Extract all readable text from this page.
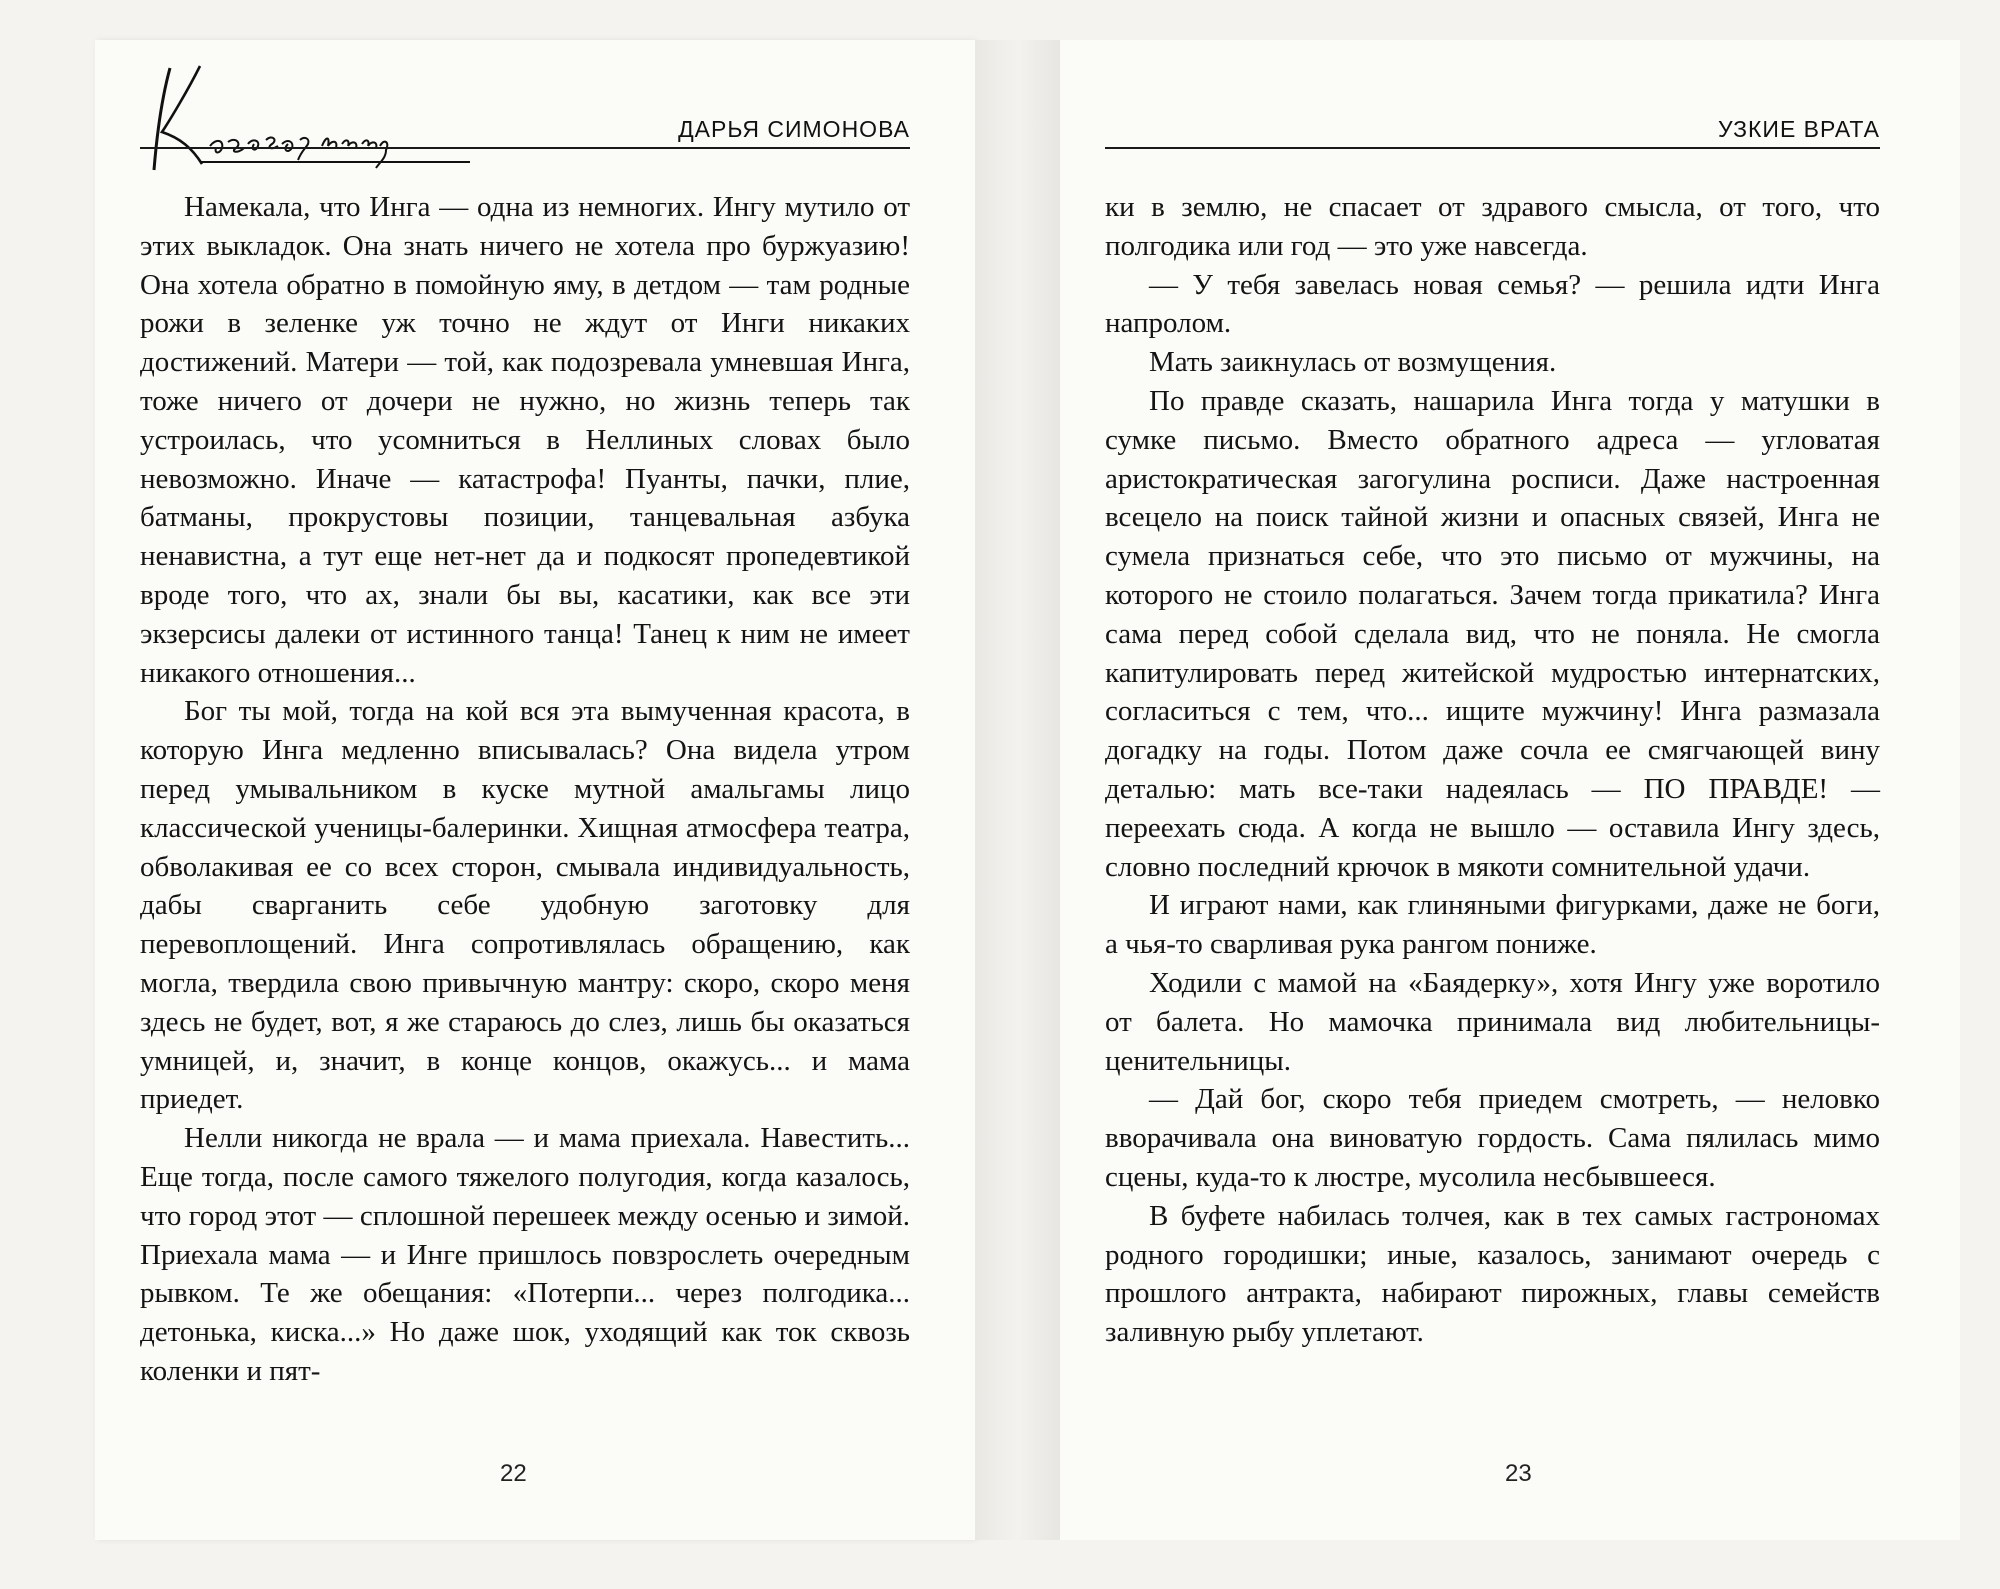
ДАРЬЯ СИМОНОВА

Намекала, что Инга — одна из немногих. Ингу мутило от этих выкладок. Она знать ничего не хотела про буржуазию! Она хотела обратно в помойную яму, в детдом — там родные рожи в зеленке уж точно не ждут от Инги никаких достижений. Матери — той, как подозревала умневшая Инга, тоже ничего от дочери не нужно, но жизнь теперь так устроилась, что усомниться в Неллиных словах было невозможно. Иначе — катастрофа! Пуанты, пачки, плие, батманы, прокрустовы позиции, танцевальная азбука ненавистна, а тут еще нет-нет да и подкосят пропедевтикой вроде того, что ах, знали бы вы, касатики, как все эти экзерсисы далеки от истинного танца! Танец к ним не имеет никакого отношения...

Бог ты мой, тогда на кой вся эта вымученная красота, в которую Инга медленно вписывалась? Она видела утром перед умывальником в куске мутной амальгамы лицо классической ученицы-балеринки. Хищная атмосфера театра, обволакивая ее со всех сторон, смывала индивидуальность, дабы сварганить себе удобную заготовку для перевоплощений. Инга сопротивлялась обращению, как могла, твердила свою привычную мантру: скоро, скоро меня здесь не будет, вот, я же стараюсь до слез, лишь бы оказаться умницей, и, значит, в конце концов, окажусь... и мама приедет.

Нелли никогда не врала — и мама приехала. Навестить... Еще тогда, после самого тяжелого полугодия, когда казалось, что город этот — сплошной перешеек между осенью и зимой. Приехала мама — и Инге пришлось повзрослеть очередным рывком. Те же обещания: «Потерпи... через полгодика... детонька, киска...» Но даже шок, уходящий как ток сквозь коленки и пят-

22
УЗКИЕ ВРАТА

ки в землю, не спасает от здравого смысла, от того, что полгодика или год — это уже навсегда.

— У тебя завелась новая семья? — решила идти Инга напролом.

Мать заикнулась от возмущения.

По правде сказать, нашарила Инга тогда у матушки в сумке письмо. Вместо обратного адреса — угловатая аристократическая загогулина росписи. Даже настроенная всецело на поиск тайной жизни и опасных связей, Инга не сумела признаться себе, что это письмо от мужчины, на которого не стоило полагаться. Зачем тогда прикатила? Инга сама перед собой сделала вид, что не поняла. Не смогла капитулировать перед житейской мудростью интернатских, согласиться с тем, что... ищите мужчину! Инга размазала догадку на годы. Потом даже сочла ее смягчающей вину деталью: мать все-таки надеялась — ПО ПРАВДЕ! — переехать сюда. А когда не вышло — оставила Ингу здесь, словно последний крючок в мякоти сомнительной удачи.

И играют нами, как глиняными фигурками, даже не боги, а чья-то сварливая рука рангом пониже.

Ходили с мамой на «Баядерку», хотя Ингу уже воротило от балета. Но мамочка принимала вид любительницы-ценительницы.

— Дай бог, скоро тебя приедем смотреть, — неловко вворачивала она виноватую гордость. Сама пялилась мимо сцены, куда-то к люстре, мусолила несбывшееся.

В буфете набилась толчея, как в тех самых гастрономах родного городишки; иные, казалось, занимают очередь с прошлого антракта, набирают пирожных, главы семейств заливную рыбу уплетают.

23
